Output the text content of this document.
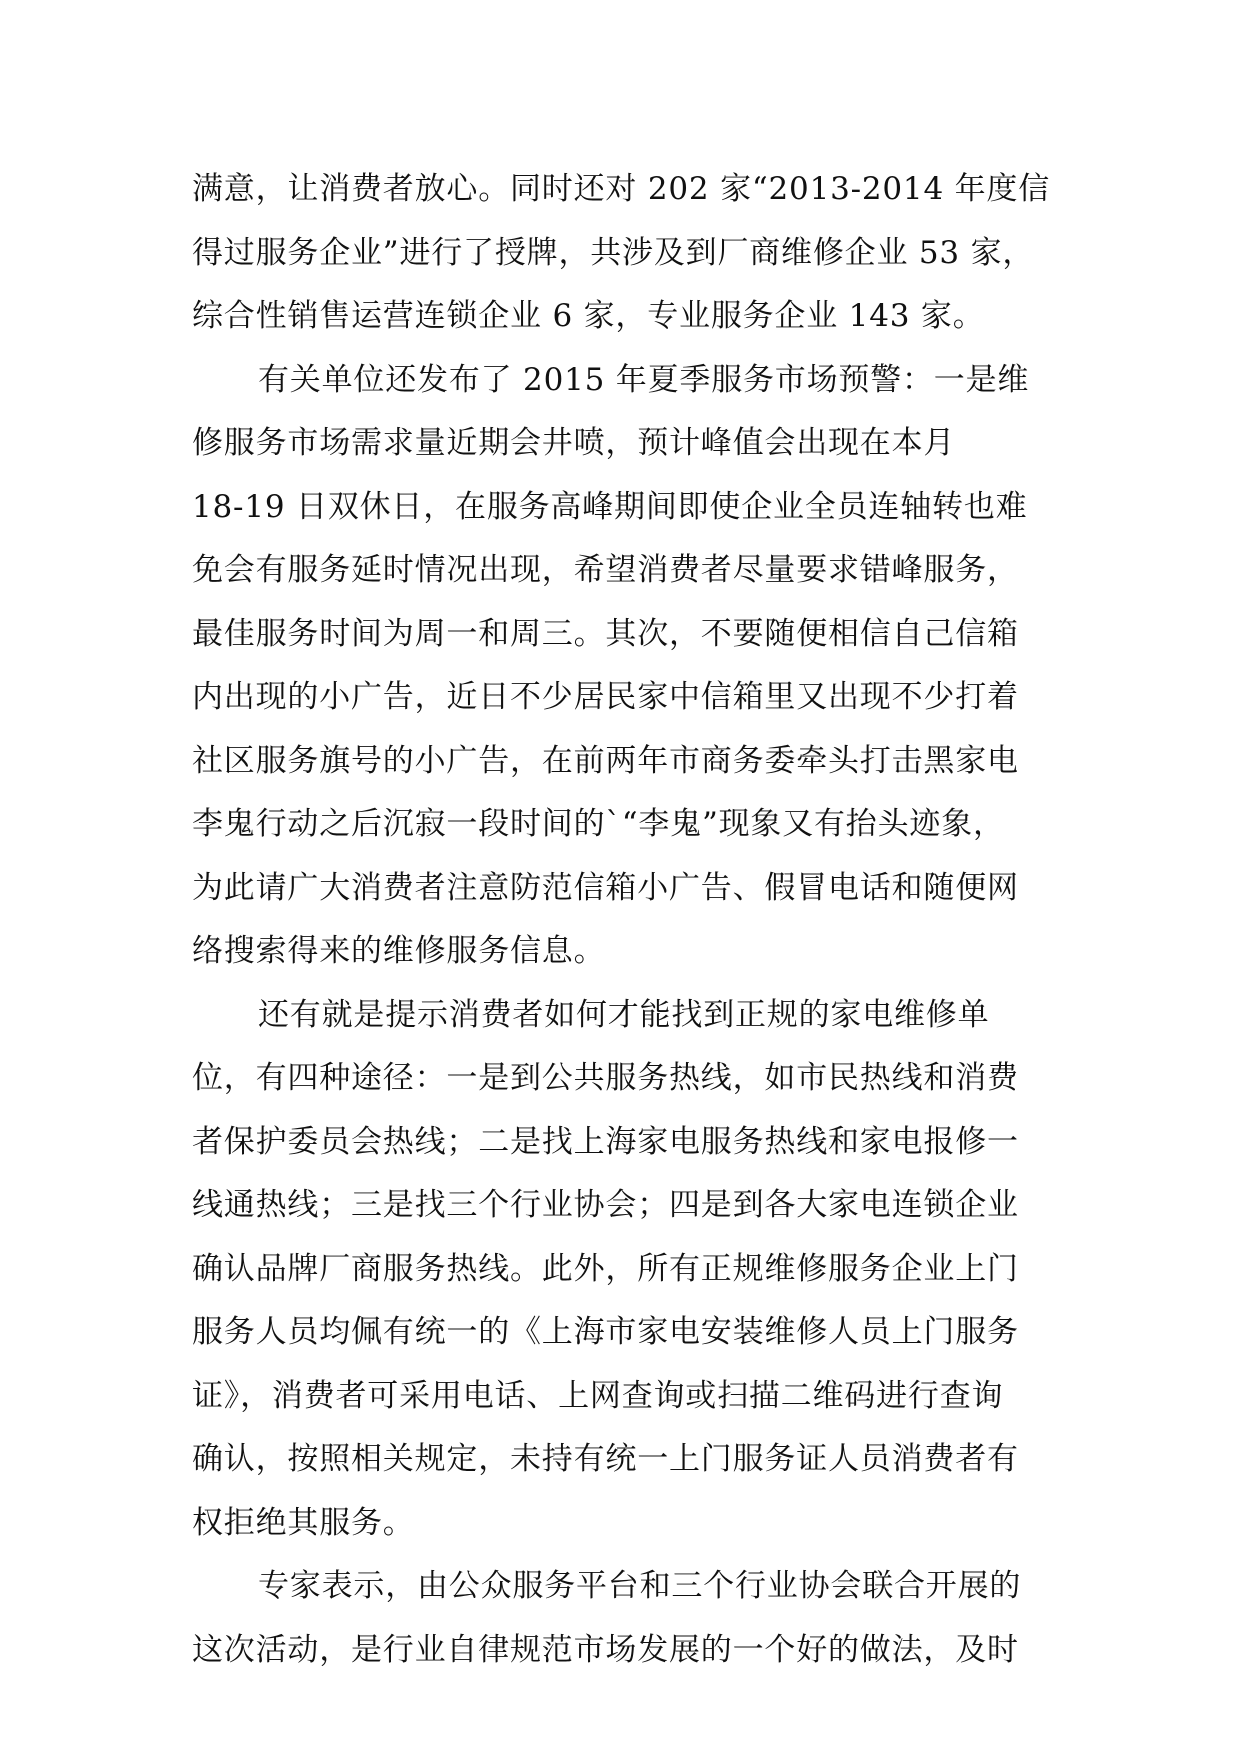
满意，让消费者放心。同时还对 202 家“2013-2014 年度信
得过服务企业”进行了授牌，共涉及到厂商维修企业 53 家，
综合性销售运营连锁企业 6 家，专业服务企业 143 家。
有关单位还发布了 2015 年夏季服务市场预警：一是维
修服务市场需求量近期会井喷，预计峰值会出现在本月
18-19 日双休日，在服务高峰期间即使企业全员连轴转也难
免会有服务延时情况出现，希望消费者尽量要求错峰服务，
最佳服务时间为周一和周三。其次，不要随便相信自己信箱
内出现的小广告，近日不少居民家中信箱里又出现不少打着
社区服务旗号的小广告，在前两年市商务委牵头打击黑家电
李鬼行动之后沉寂一段时间的`“李鬼”现象又有抬头迹象，
为此请广大消费者注意防范信箱小广告、假冒电话和随便网
络搜索得来的维修服务信息。
还有就是提示消费者如何才能找到正规的家电维修单
位，有四种途径：一是到公共服务热线，如市民热线和消费
者保护委员会热线；二是找上海家电服务热线和家电报修一
线通热线；三是找三个行业协会；四是到各大家电连锁企业
确认品牌厂商服务热线。此外，所有正规维修服务企业上门
服务人员均佩有统一的《上海市家电安装维修人员上门服务
证》，消费者可采用电话、上网查询或扫描二维码进行查询
确认，按照相关规定，未持有统一上门服务证人员消费者有
权拒绝其服务。
专家表示，由公众服务平台和三个行业协会联合开展的
这次活动，是行业自律规范市场发展的一个好的做法，及时
